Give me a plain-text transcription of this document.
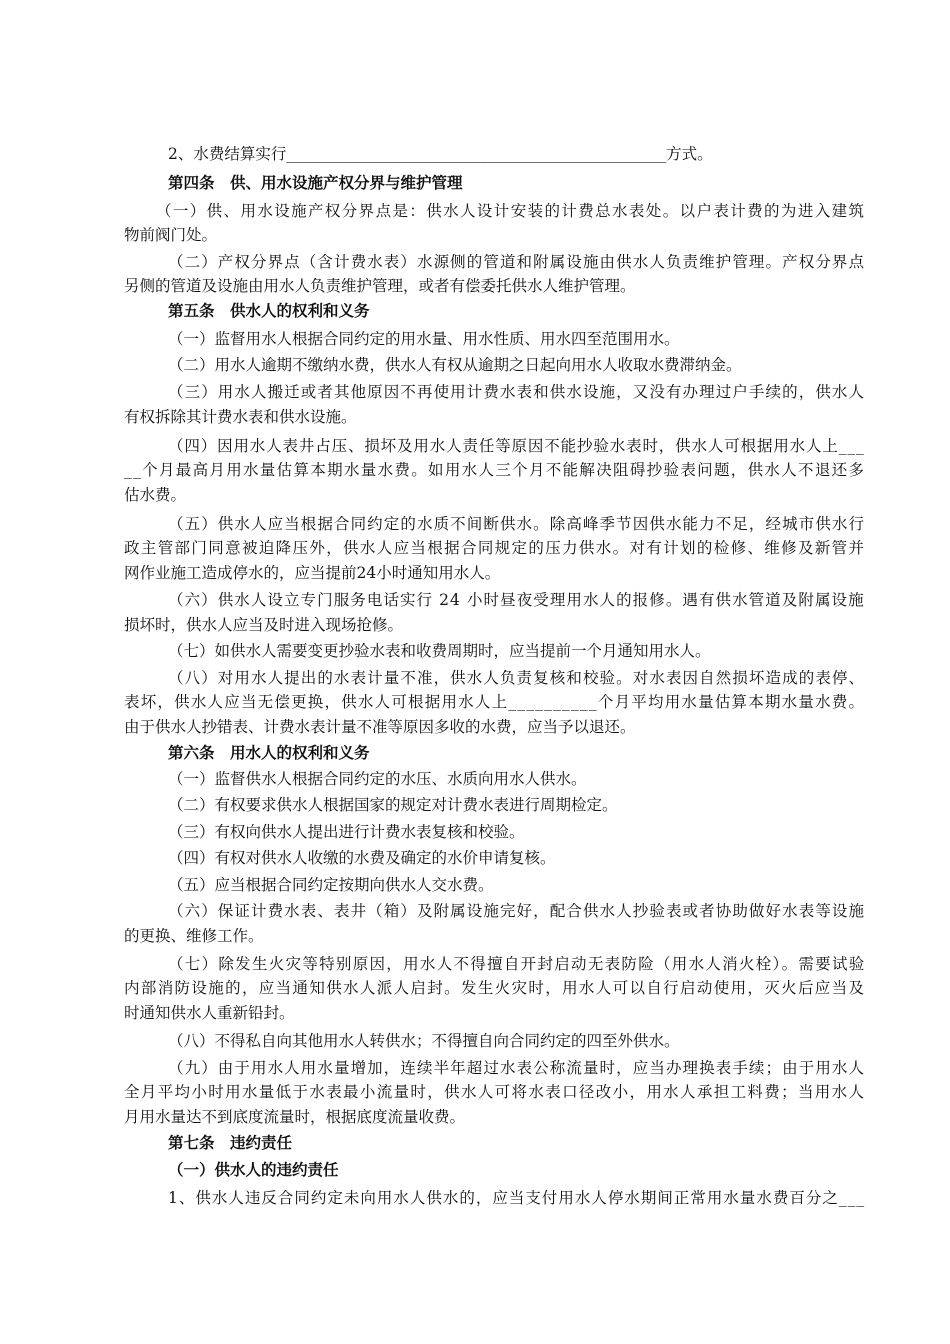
2、水费结算实行_________________________________________________方式。
第四条　供、用水设施产权分界与维护管理
（一）供、用水设施产权分界点是：供水人设计安装的计费总水表处。以户表计费的为进入建筑
物前阀门处。
（二）产权分界点（含计费水表）水源侧的管道和附属设施由供水人负责维护管理。产权分界点
另侧的管道及设施由用水人负责维护管理，或者有偿委托供水人维护管理。
第五条　供水人的权利和义务
（一）监督用水人根据合同约定的用水量、用水性质、用水四至范围用水。
（二）用水人逾期不缴纳水费，供水人有权从逾期之日起向用水人收取水费滞纳金。
（三）用水人搬迁或者其他原因不再使用计费水表和供水设施，又没有办理过户手续的，供水人
有权拆除其计费水表和供水设施。
（四）因用水人表井占压、损坏及用水人责任等原因不能抄验水表时，供水人可根据用水人上___
__个月最高月用水量估算本期水量水费。如用水人三个月不能解决阻碍抄验表问题，供水人不退还多
估水费。
（五）供水人应当根据合同约定的水质不间断供水。除高峰季节因供水能力不足，经城市供水行
政主管部门同意被迫降压外，供水人应当根据合同规定的压力供水。对有计划的检修、维修及新管并
网作业施工造成停水的，应当提前24小时通知用水人。
（六）供水人设立专门服务电话实行 24 小时昼夜受理用水人的报修。遇有供水管道及附属设施
损坏时，供水人应当及时进入现场抢修。
（七）如供水人需要变更抄验水表和收费周期时，应当提前一个月通知用水人。
（八）对用水人提出的水表计量不准，供水人负责复核和校验。对水表因自然损坏造成的表停、
表坏，供水人应当无偿更换，供水人可根据用水人上__________个月平均用水量估算本期水量水费。
由于供水人抄错表、计费水表计量不准等原因多收的水费，应当予以退还。
第六条　用水人的权利和义务
（一）监督供水人根据合同约定的水压、水质向用水人供水。
（二）有权要求供水人根据国家的规定对计费水表进行周期检定。
（三）有权向供水人提出进行计费水表复核和校验。
（四）有权对供水人收缴的水费及确定的水价申请复核。
（五）应当根据合同约定按期向供水人交水费。
（六）保证计费水表、表井（箱）及附属设施完好，配合供水人抄验表或者协助做好水表等设施
的更换、维修工作。
（七）除发生火灾等特别原因，用水人不得擅自开封启动无表防险（用水人消火栓）。需要试验
内部消防设施的，应当通知供水人派人启封。发生火灾时，用水人可以自行启动使用，灭火后应当及
时通知供水人重新铅封。
（八）不得私自向其他用水人转供水；不得擅自向合同约定的四至外供水。
（九）由于用水人用水量增加，连续半年超过水表公称流量时，应当办理换表手续；由于用水人
全月平均小时用水量低于水表最小流量时，供水人可将水表口径改小，用水人承担工料费；当用水人
月用水量达不到底度流量时，根据底度流量收费。
第七条　违约责任
（一）供水人的违约责任
1、供水人违反合同约定未向用水人供水的，应当支付用水人停水期间正常用水量水费百分之___
